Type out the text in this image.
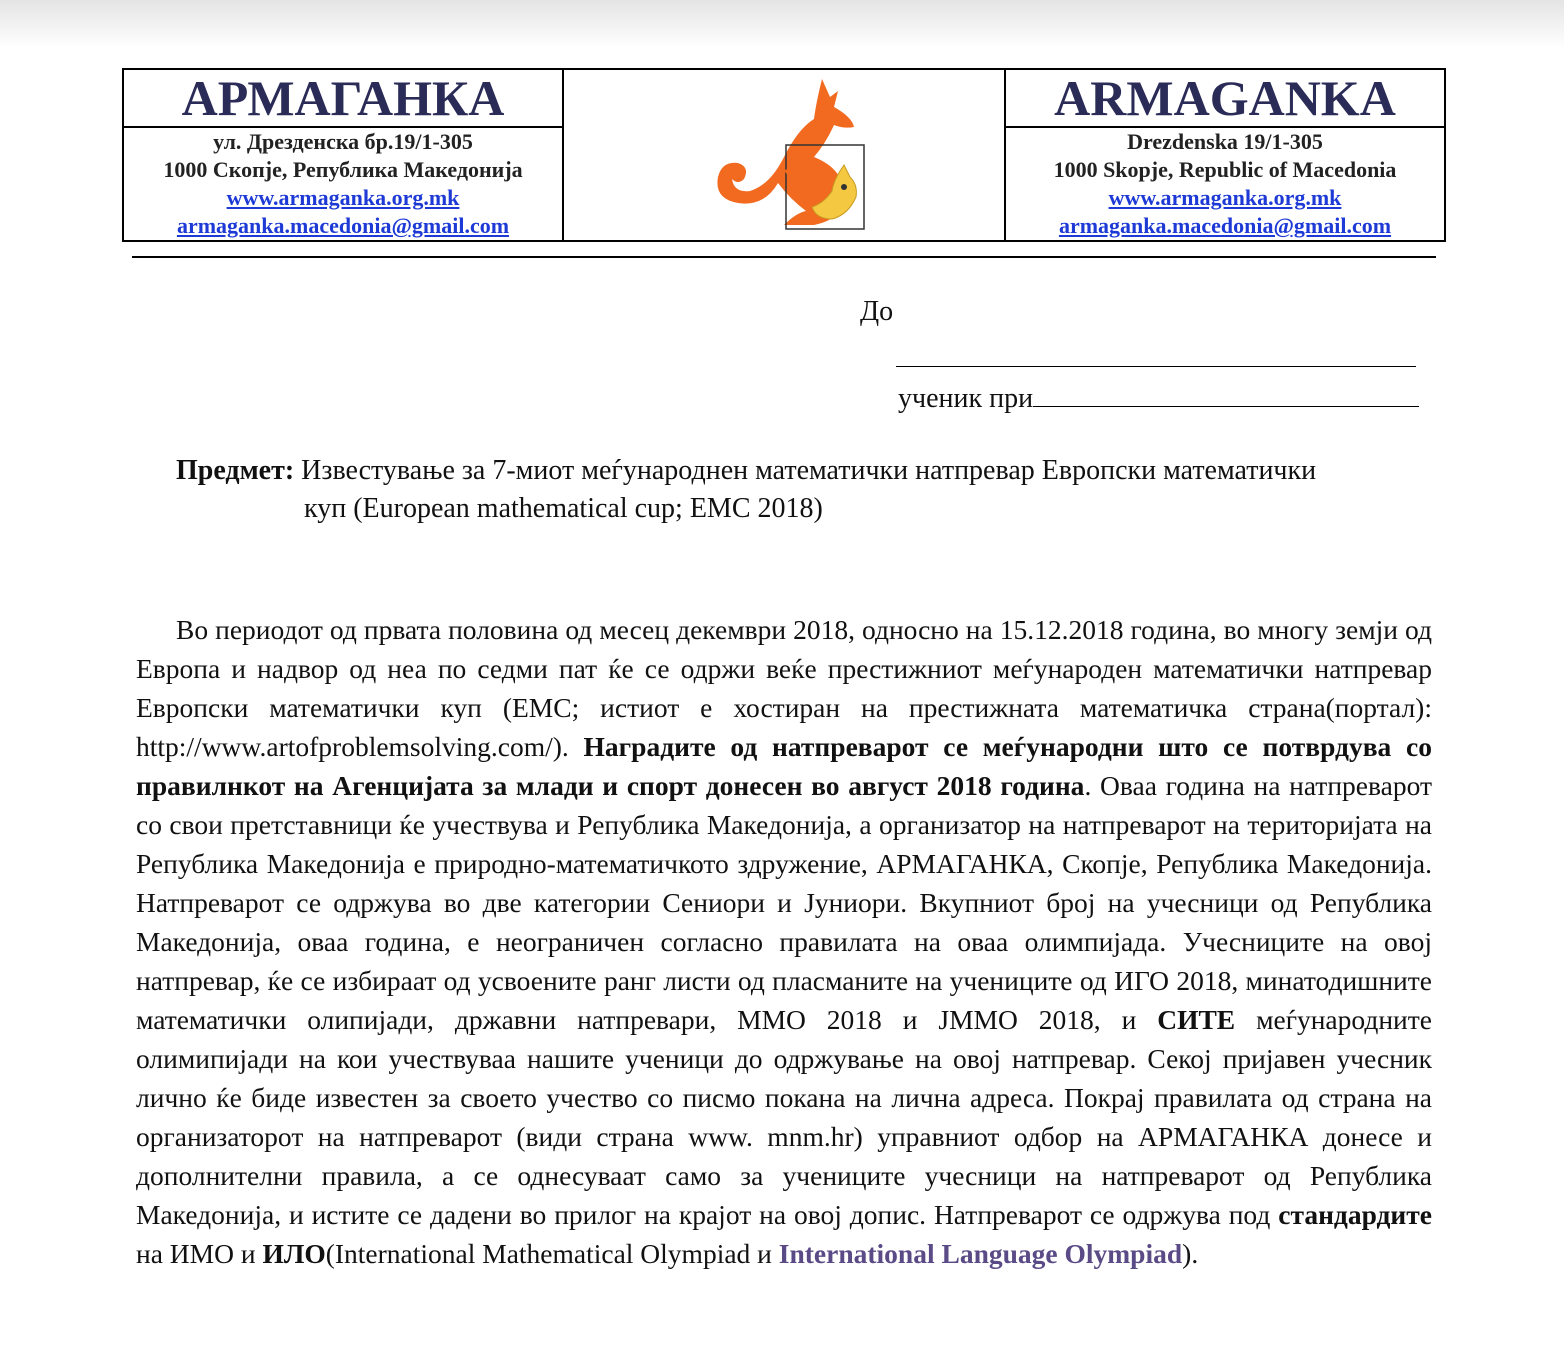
АРМАГАНКА		ARMAGANKA

ул. Дрезденска бр.19/1-305
1000 Скопје, Република Македонија
www.armaganka.org.mk
armaganka.macedonia@gmail.com		Drezdenska 19/1-305
1000 Skopje, Republic of Macedonia
www.armaganka.org.mk
armaganka.macedonia@gmail.com
До
ученик при
Предмет: Известување за 7-миот меѓународнен математички натпревар Европски математички
куп (European mathematical cup; EMC 2018)
Во периодот од првата половина од месец декември 2018, односно на 15.12.2018 година, во многу земји од Европа и надвор од неа по седми пат ќе се одржи веќе престижниот меѓународен математички натпревар Европски математички куп (ЕМС; истиот е хостиран на престижната математичка страна(портал): http://www.artofproblemsolving.com/). Наградите од натпреварот се меѓународни што се потврдува со правилнкот на Агенцијата за млади и спорт донесен во август 2018 година. Оваа година на натпреварот со свои претставници ќе учествува и Република Македонија, а организатор на натпреварот на територијата на Република Македонија е природно-математичкото здружение, АРМАГАНКА, Скопје, Република Македонија. Натпреварот се одржува во две категории Сениори и Јуниори. Вкупниот број на учесници од Република Македонија, оваа година, е неограничен согласно правилата на оваа олимпијада. Учесниците на овој натпревар, ќе се избираат од усвоените ранг листи од пласманите на учениците од ИГО 2018, минатодишните математички олипијади, државни натпревари, ММО 2018 и ЈММО 2018, и СИТЕ меѓународните олимипијади на кои учествуваа нашите ученици до одржување на овој натпревар. Секој пријавен учесник лично ќе биде известен за своето учество со писмо покана на лична адреса. Покрај правилата од страна на организаторот на натпреварот (види страна www. mnm.hr) управниот одбор на АРМАГАНКА донесе и дополнителни правила, а се однесуваат само за учениците учесници на натпреварот од Република Македонија, и истите се дадени во прилог на крајот на овој допис. Натпреварот се одржува под стандардите на ИМО и ИЛО(International Mathematical Olympiad и International Language Olympiad).
